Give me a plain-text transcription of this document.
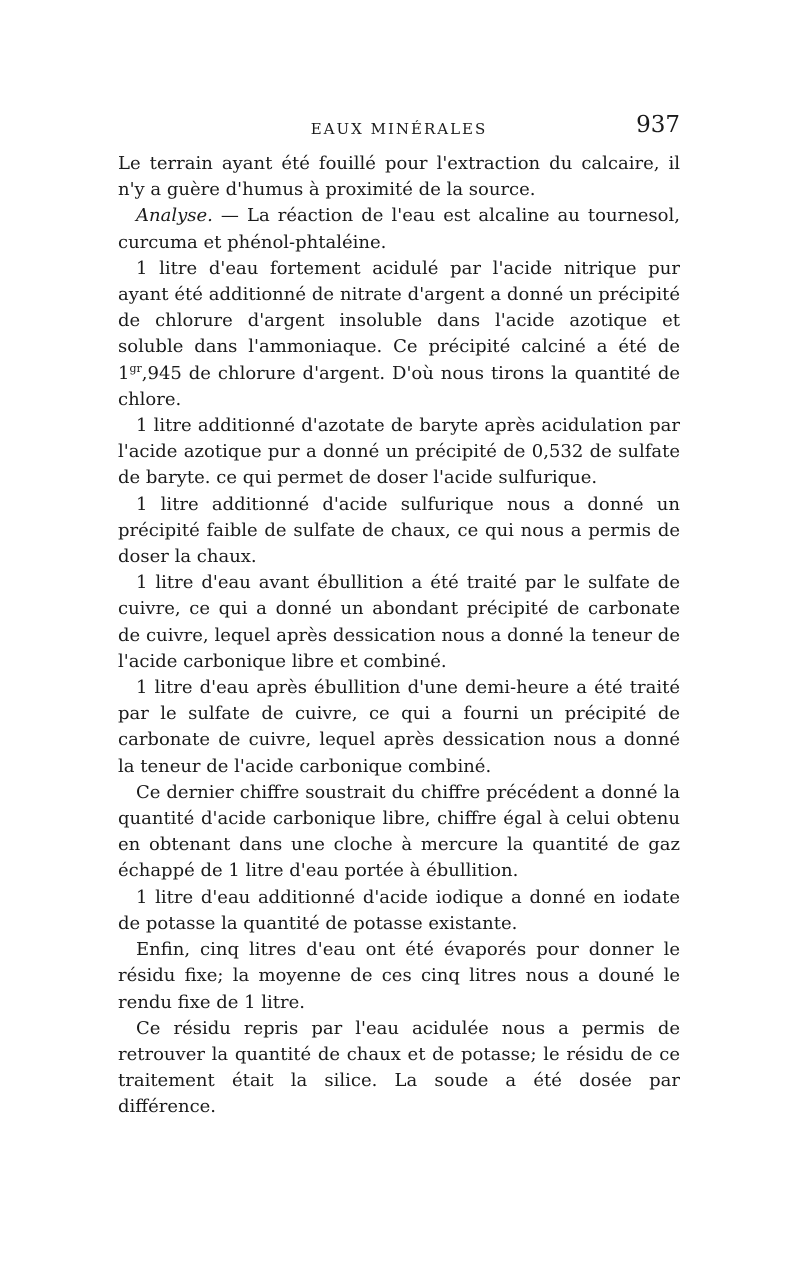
EAUX MINÉRALES	937

Le terrain ayant été fouillé pour l'extraction du calcaire, il n'y a guère d'humus à proximité de la source.

Analyse. — La réaction de l'eau est alcaline au tournesol, curcuma et phénol-phtaléine.

1 litre d'eau fortement acidulé par l'acide nitrique pur ayant été additionné de nitrate d'argent a donné un précipité de chlorure d'argent insoluble dans l'acide azotique et soluble dans l'ammoniaque. Ce précipité calciné a été de $1^{gr},945$ de chlorure d'argent. D'où nous tirons la quantité de chlore.

1 litre additionné d'azotate de baryte après acidulation par l'acide azotique pur a donné un précipité de 0,532 de sulfate de baryte. ce qui permet de doser l'acide sulfurique.

1 litre additionné d'acide sulfurique nous a donné un précipité faible de sulfate de chaux, ce qui nous a permis de doser la chaux.

1 litre d'eau avant ébullition a été traité par le sulfate de cuivre, ce qui a donné un abondant précipité de carbonate de cuivre, lequel après dessication nous a donné la teneur de l'acide carbonique libre et combiné.

1 litre d'eau après ébullition d'une demi-heure a été traité par le sulfate de cuivre, ce qui a fourni un précipité de carbonate de cuivre, lequel après dessication nous a donné la teneur de l'acide carbonique combiné.

Ce dernier chiffre soustrait du chiffre précédent a donné la quantité d'acide carbonique libre, chiffre égal à celui obtenu en obtenant dans une cloche à mercure la quantité de gaz échappé de 1 litre d'eau portée à ébullition.

1 litre d'eau additionné d'acide iodique a donné en iodate de potasse la quantité de potasse existante.

Enfin, cinq litres d'eau ont été évaporés pour donner le résidu fixe; la moyenne de ces cinq litres nous a douné le rendu fixe de 1 litre.

Ce résidu repris par l'eau acidulée nous a permis de retrouver la quantité de chaux et de potasse; le résidu de ce traitement était la silice. La soude a été dosée par différence.
